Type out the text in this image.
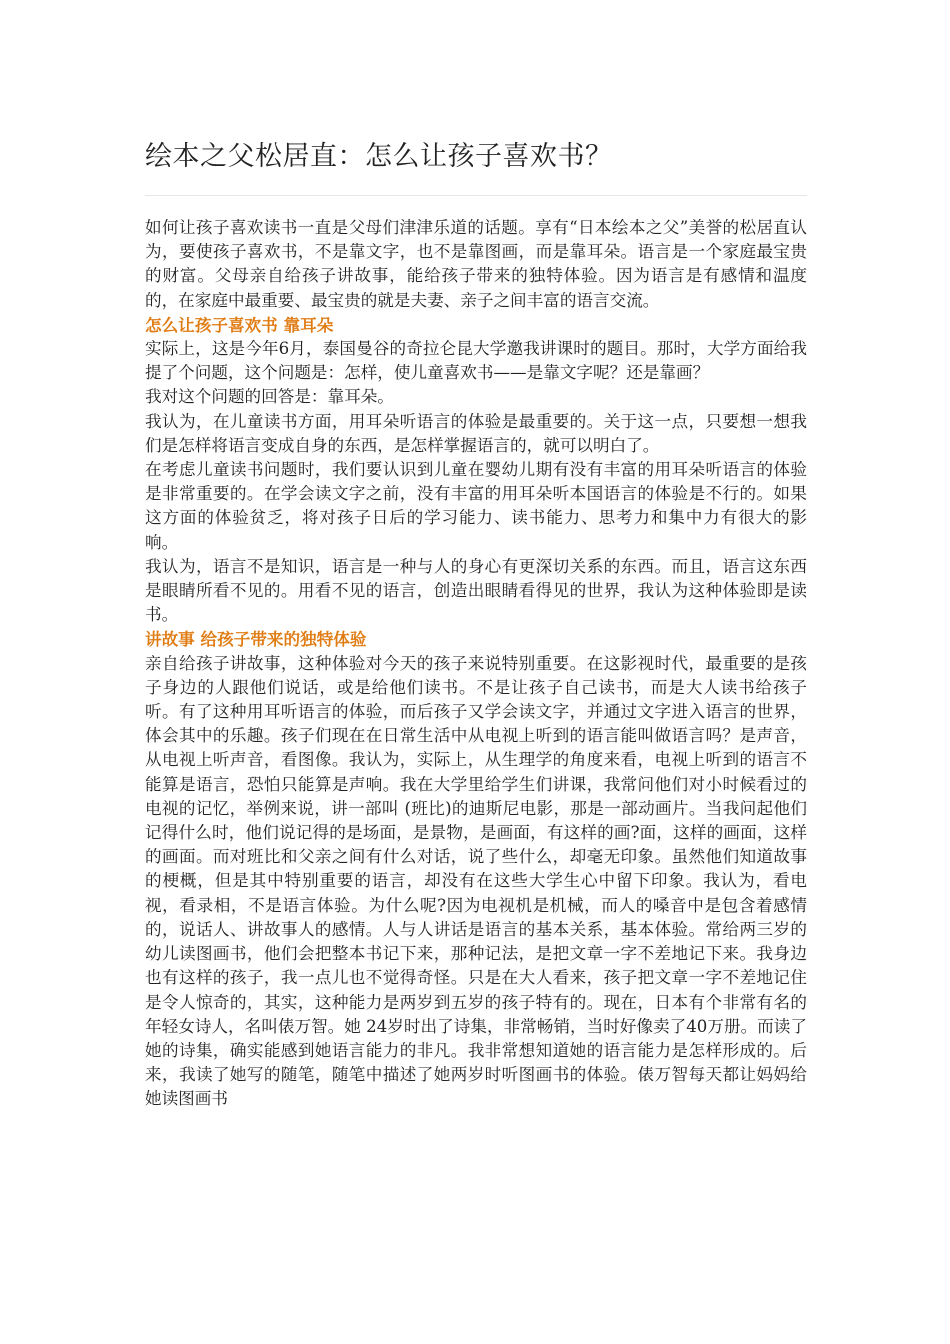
绘本之父松居直：怎么让孩子喜欢书？

如何让孩子喜欢读书一直是父母们津津乐道的话题。享有“日本绘本之父”美誉的松居直认为，要使孩子喜欢书，不是靠文字，也不是靠图画，而是靠耳朵。语言是一个家庭最宝贵的财富。父母亲自给孩子讲故事，能给孩子带来的独特体验。因为语言是有感情和温度的，在家庭中最重要、最宝贵的就是夫妻、亲子之间丰富的语言交流。

怎么让孩子喜欢书 靠耳朵

实际上，这是今年6月，泰国曼谷的奇拉仑昆大学邀我讲课时的题目。那时，大学方面给我提了个问题，这个问题是：怎样，使儿童喜欢书——是靠文字呢？还是靠画？

我对这个问题的回答是：靠耳朵。

我认为，在儿童读书方面，用耳朵听语言的体验是最重要的。关于这一点，只要想一想我们是怎样将语言变成自身的东西，是怎样掌握语言的，就可以明白了。

在考虑儿童读书问题时，我们要认识到儿童在婴幼儿期有没有丰富的用耳朵听语言的体验是非常重要的。在学会读文字之前，没有丰富的用耳朵听本国语言的体验是不行的。如果这方面的体验贫乏，将对孩子日后的学习能力、读书能力、思考力和集中力有很大的影响。

我认为，语言不是知识，语言是一种与人的身心有更深切关系的东西。而且，语言这东西是眼睛所看不见的。用看不见的语言，创造出眼睛看得见的世界，我认为这种体验即是读书。

讲故事 给孩子带来的独特体验

亲自给孩子讲故事，这种体验对今天的孩子来说特别重要。在这影视时代，最重要的是孩子身边的人跟他们说话，或是给他们读书。不是让孩子自己读书，而是大人读书给孩子听。有了这种用耳听语言的体验，而后孩子又学会读文字，并通过文字进入语言的世界，体会其中的乐趣。孩子们现在在日常生活中从电视上听到的语言能叫做语言吗？是声音，从电视上听声音，看图像。我认为，实际上，从生理学的角度来看，电视上听到的语言不能算是语言，恐怕只能算是声响。我在大学里给学生们讲课，我常问他们对小时候看过的电视的记忆，举例来说，讲一部叫 (班比)的迪斯尼电影，那是一部动画片。当我问起他们记得什么时，他们说记得的是场面，是景物，是画面，有这样的画?面，这样的画面，这样的画面。而对班比和父亲之间有什么对话，说了些什么，却毫无印象。虽然他们知道故事的梗概，但是其中特别重要的语言，却没有在这些大学生心中留下印象。我认为，看电视，看录相，不是语言体验。为什么呢?因为电视机是机械，而人的嗓音中是包含着感情的，说话人、讲故事人的感情。人与人讲话是语言的基本关系，基本体验。常给两三岁的幼儿读图画书，他们会把整本书记下来，那种记法，是把文章一字不差地记下来。我身边也有这样的孩子，我一点儿也不觉得奇怪。只是在大人看来，孩子把文章一字不差地记住是令人惊奇的，其实，这种能力是两岁到五岁的孩子特有的。现在，日本有个非常有名的年轻女诗人，名叫俵万智。她 24岁时出了诗集，非常畅销，当时好像卖了40万册。而读了她的诗集，确实能感到她语言能力的非凡。我非常想知道她的语言能力是怎样形成的。后来，我读了她写的随笔，随笔中描述了她两岁时听图画书的体验。俵万智每天都让妈妈给她读图画书
